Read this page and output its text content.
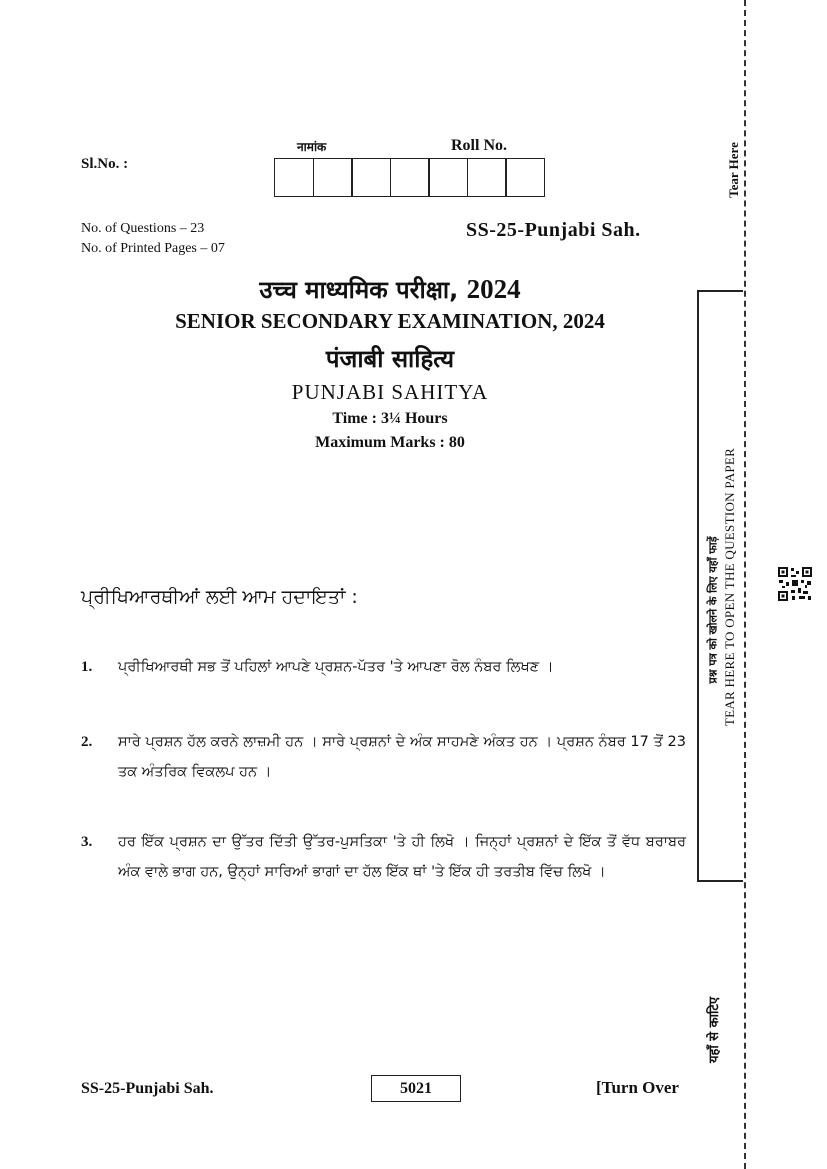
Sl.No. :
नामांक	Roll No.
No. of Questions – 23
No. of Printed Pages – 07
SS-25-Punjabi Sah.
उच्च माध्यमिक परीक्षा, 2024
SENIOR SECONDARY EXAMINATION, 2024
पंजाबी साहित्य
PUNJABI SAHITYA
Time : 3¼ Hours
Maximum Marks : 80
ਪ੍ਰੀਖਿਆਰਥੀਆਂ ਲਈ ਆਮ ਹਦਾਇਤਾਂ :
1. ਪ੍ਰੀਖਿਆਰਥੀ ਸਭ ਤੋਂ ਪਹਿਲਾਂ ਆਪਣੇ ਪ੍ਰਸ਼ਨ-ਪੱਤਰ 'ਤੇ ਆਪਣਾ ਰੋਲ ਨੰਬਰ ਲਿਖਣ ।
2. ਸਾਰੇ ਪ੍ਰਸ਼ਨ ਹੱਲ ਕਰਨੇ ਲਾਜ਼ਮੀ ਹਨ । ਸਾਰੇ ਪ੍ਰਸ਼ਨਾਂ ਦੇ ਅੰਕ ਸਾਹਮਣੇ ਅੰਕਤ ਹਨ । ਪ੍ਰਸ਼ਨ ਨੰਬਰ 17 ਤੋਂ 23 ਤਕ ਅੰਤਰਿਕ ਵਿਕਲਪ ਹਨ ।
3. ਹਰ ਇੱਕ ਪ੍ਰਸ਼ਨ ਦਾ ਉੱਤਰ ਦਿੱਤੀ ਉੱਤਰ-ਪੁਸਤਿਕਾ 'ਤੇ ਹੀ ਲਿਖੋ । ਜਿਨ੍ਹਾਂ ਪ੍ਰਸ਼ਨਾਂ ਦੇ ਇੱਕ ਤੋਂ ਵੱਧ ਬਰਾਬਰ ਅੰਕ ਵਾਲੇ ਭਾਗ ਹਨ, ਉਨ੍ਹਾਂ ਸਾਰਿਆਂ ਭਾਗਾਂ ਦਾ ਹੱਲ ਇੱਕ ਥਾਂ 'ਤੇ ਇੱਕ ਹੀ ਤਰਤੀਬ ਵਿੱਚ ਲਿਖੋ ।
SS-25-Punjabi Sah.	5021	[Turn Over
Tear Here
प्रश्न पत्र को खोलने के लिए यहाँ फाड़ें TEAR HERE TO OPEN THE QUESTION PAPER
यहाँ से काटिए
